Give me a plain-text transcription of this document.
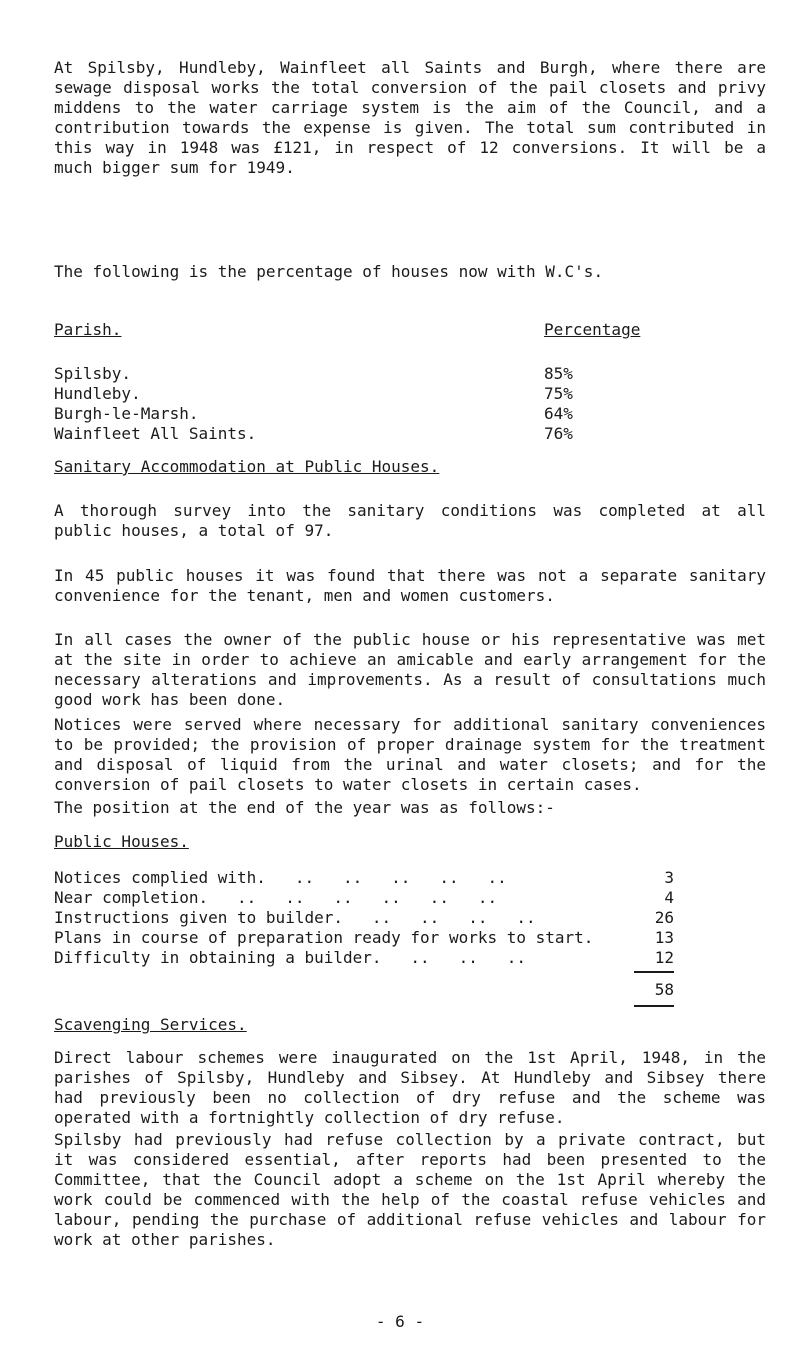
At Spilsby, Hundleby, Wainfleet all Saints and Burgh, where there are sewage disposal works the total conversion of the pail closets and privy middens to the water carriage system is the aim of the Council, and a contribution towards the expense is given. The total sum contributed in this way in 1948 was £121, in respect of 12 conversions. It will be a much bigger sum for 1949.

The following is the percentage of houses now with W.C's.

Parish.	Percentage
Spilsby.	85%
Hundleby.	75%
Burgh-le-Marsh.	64%
Wainfleet All Saints.	76%
Sanitary Accommodation at Public Houses.

A thorough survey into the sanitary conditions was completed at all public houses, a total of 97.

In 45 public houses it was found that there was not a separate sanitary convenience for the tenant, men and women customers.

In all cases the owner of the public house or his representative was met at the site in order to achieve an amicable and early arrangement for the necessary alterations and improvements. As a result of consultations much good work has been done.

Notices were served where necessary for additional sanitary conveniences to be provided; the provision of proper drainage system for the treatment and disposal of liquid from the urinal and water closets; and for the conversion of pail closets to water closets in certain cases.

The position at the end of the year was as follows:-

Public Houses.
Notices complied with.   ..   ..   ..   ..   ..	3
Near completion.   ..   ..   ..   ..   ..   ..	4
Instructions given to builder.   ..   ..   ..   ..	26
Plans in course of preparation ready for works to start.	13
Difficulty in obtaining a builder.   ..   ..   ..	12
58
Scavenging Services.

Direct labour schemes were inaugurated on the 1st April, 1948, in the parishes of Spilsby, Hundleby and Sibsey. At Hundleby and Sibsey there had previously been no collection of dry refuse and the scheme was operated with a fortnightly collection of dry refuse.

Spilsby had previously had refuse collection by a private contract, but it was considered essential, after reports had been presented to the Committee, that the Council adopt a scheme on the 1st April whereby the work could be commenced with the help of the coastal refuse vehicles and labour, pending the purchase of additional refuse vehicles and labour for work at other parishes.

- 6 -
